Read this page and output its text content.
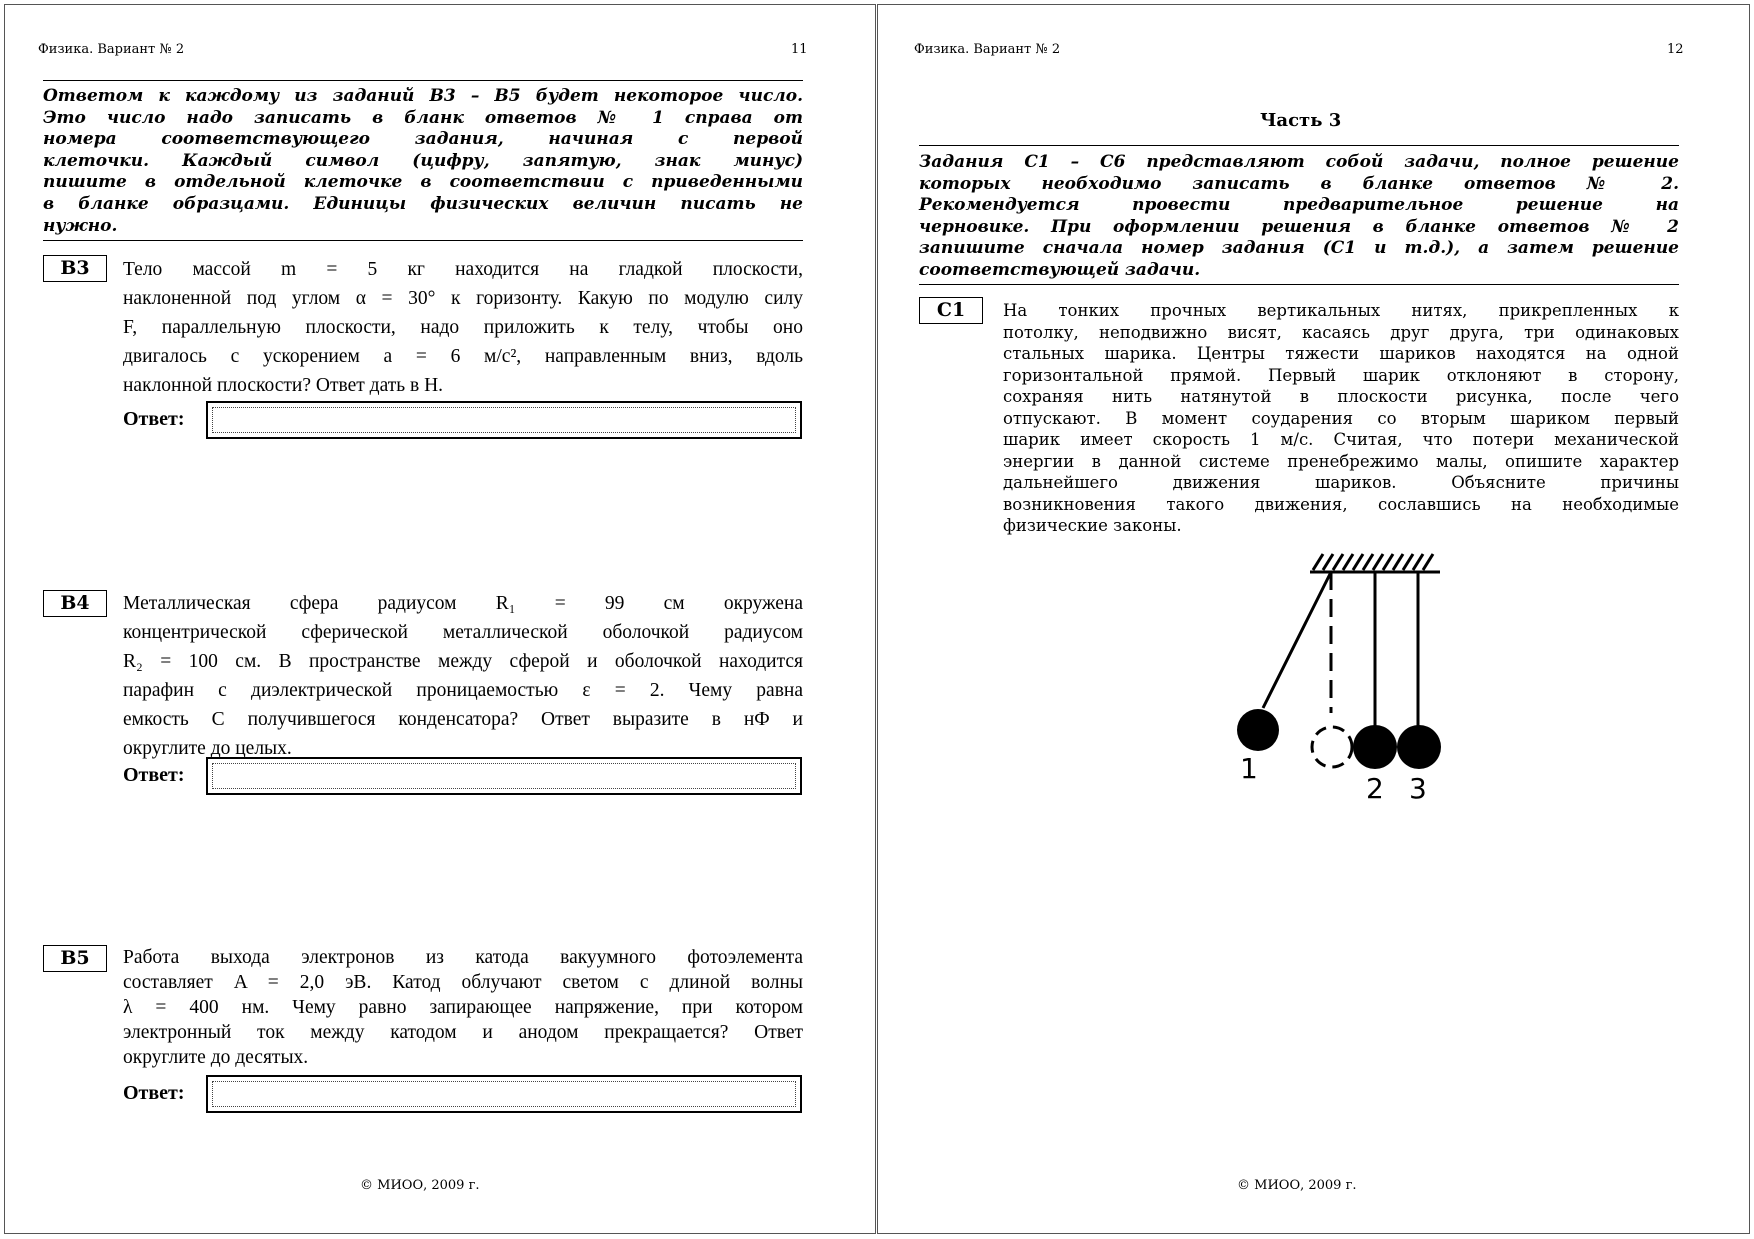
Физика. Вариант № 2	11
Ответом к каждому из заданий В3 – В5 будет некоторое число.
Это число надо записать в бланк ответов № 1 справа от
номера соответствующего задания, начиная с первой
клеточки. Каждый символ (цифру, запятую, знак минус)
пишите в отдельной клеточке в соответствии с приведенными
в бланке образцами. Единицы физических величин писать не
нужно.
В3	Тело массой m = 5 кг находится на гладкой плоскости,
наклоненной под углом α = 30° к горизонту. Какую по модулю силу
F, параллельную плоскости, надо приложить к телу, чтобы оно
двигалось с ускорением a = 6 м/с², направленным вниз, вдоль
наклонной плоскости? Ответ дать в Н.
Ответ:
В4	Металлическая сфера радиусом R₁ = 99 см окружена
концентрической сферической металлической оболочкой радиусом
R₂ = 100 см. В пространстве между сферой и оболочкой находится
парафин с диэлектрической проницаемостью ε = 2. Чему равна
емкость С получившегося конденсатора? Ответ выразите в нФ и
округлите до целых.
Ответ:
В5	Работа выхода электронов из катода вакуумного фотоэлемента
составляет A = 2,0 эВ. Катод облучают светом с длиной волны
λ = 400 нм. Чему равно запирающее напряжение, при котором
электронный ток между катодом и анодом прекращается? Ответ
округлите до десятых.
Ответ:
© МИОО, 2009 г.
Физика. Вариант № 2	12
Часть 3
Задания С1 – С6 представляют собой задачи, полное решение
которых необходимо записать в бланке ответов № 2.
Рекомендуется провести предварительное решение на
черновике. При оформлении решения в бланке ответов № 2
запишите сначала номер задания (С1 и т.д.), а затем решение
соответствующей задачи.
С1	На тонких прочных вертикальных нитях, прикрепленных к
потолку, неподвижно висят, касаясь друг друга, три одинаковых
стальных шарика. Центры тяжести шариков находятся на одной
горизонтальной прямой. Первый шарик отклоняют в сторону,
сохраняя нить натянутой в плоскости рисунка, после чего
отпускают. В момент соударения со вторым шариком первый
шарик имеет скорость 1 м/с. Считая, что потери механической
энергии в данной системе пренебрежимо малы, опишите характер
дальнейшего движения шариков. Объясните причины
возникновения такого движения, сославшись на необходимые
физические законы.
1
2 3
© МИОО, 2009 г.
